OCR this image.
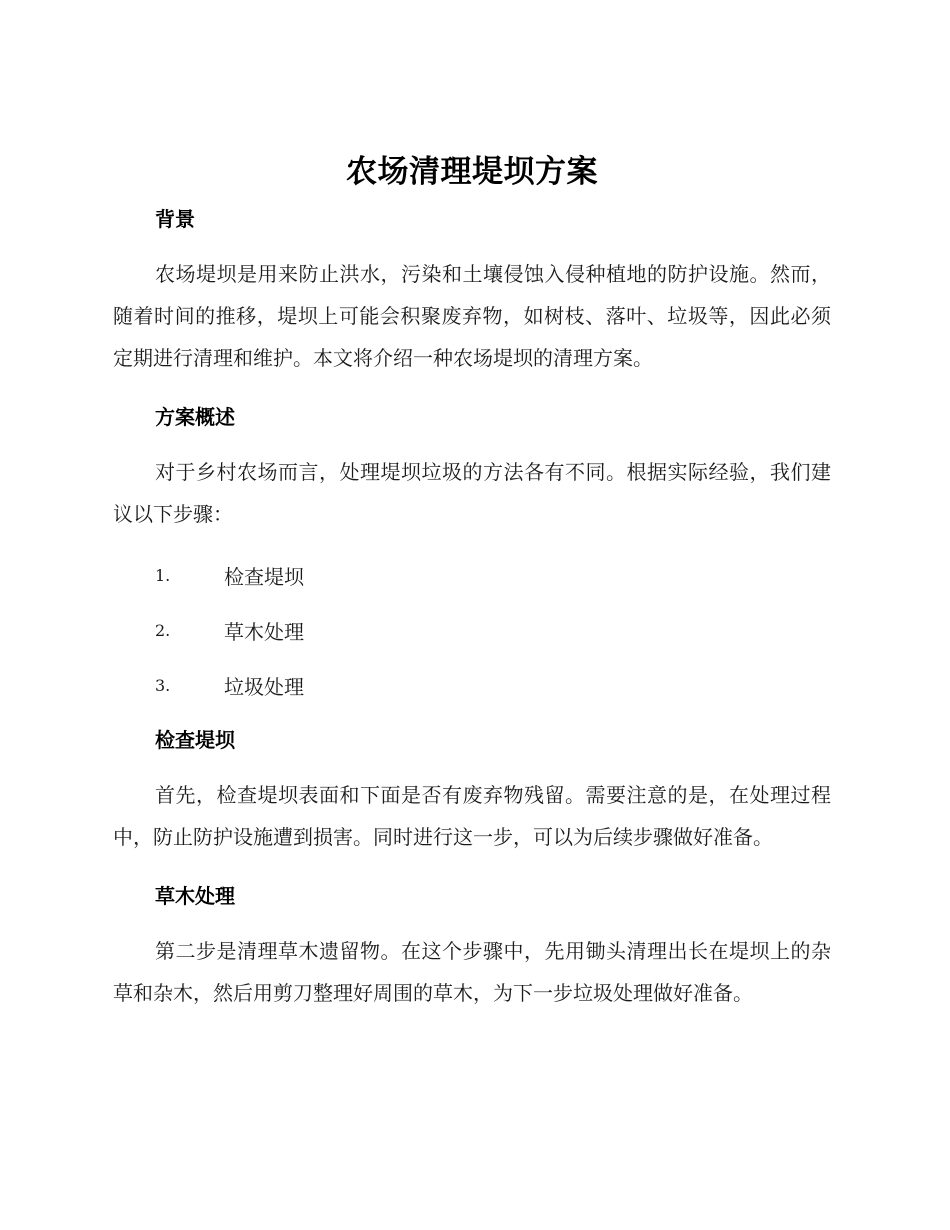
农场清理堤坝方案
背景

农场堤坝是用来防止洪水，污染和土壤侵蚀入侵种植地的防护设施。然而，随着时间的推移，堤坝上可能会积聚废弃物，如树枝、落叶、垃圾等，因此必须定期进行清理和维护。本文将介绍一种农场堤坝的清理方案。

方案概述

对于乡村农场而言，处理堤坝垃圾的方法各有不同。根据实际经验，我们建议以下步骤：

1.	检查堤坝
2.	草木处理
3.	垃圾处理
检查堤坝

首先，检查堤坝表面和下面是否有废弃物残留。需要注意的是，在处理过程中，防止防护设施遭到损害。同时进行这一步，可以为后续步骤做好准备。

草木处理

第二步是清理草木遗留物。在这个步骤中，先用锄头清理出长在堤坝上的杂草和杂木，然后用剪刀整理好周围的草木，为下一步垃圾处理做好准备。
